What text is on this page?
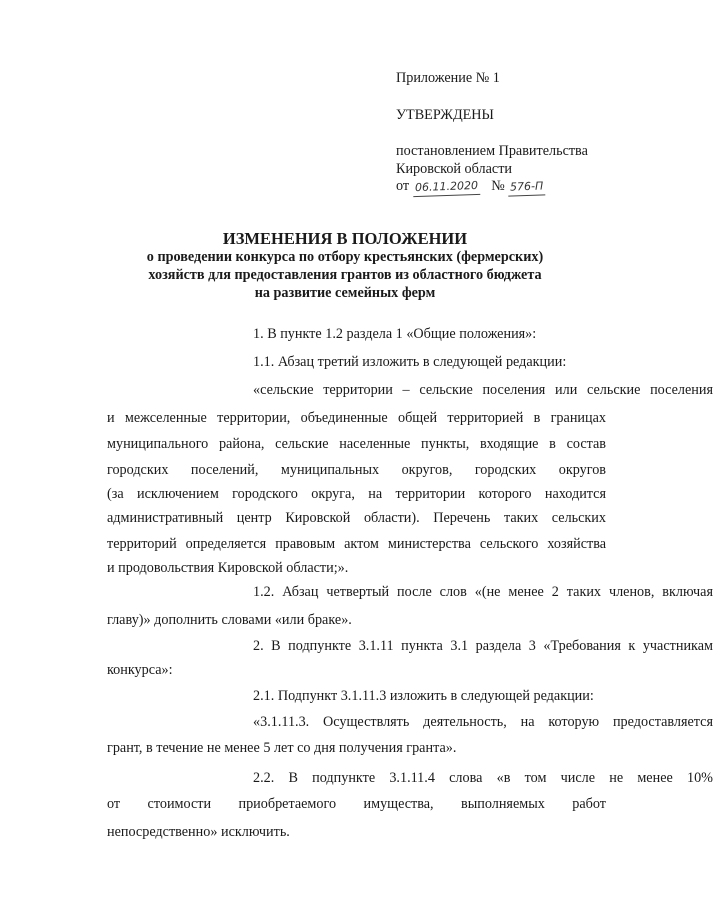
Приложение № 1
УТВЕРЖДЕНЫ
постановлением Правительства
Кировской области
от 06.11.2020 № 576-П
ИЗМЕНЕНИЯ В ПОЛОЖЕНИИ
о проведении конкурса по отбору крестьянских (фермерских)
хозяйств для предоставления грантов из областного бюджета
на развитие семейных ферм
1. В пункте 1.2 раздела 1 «Общие положения»:
1.1. Абзац третий изложить в следующей редакции:
«сельские территории – сельские поселения или сельские поселения
и межселенные территории, объединенные общей территорией в границах
муниципального района, сельские населенные пункты, входящие в состав
городских поселений, муниципальных округов, городских округов
(за исключением городского округа, на территории которого находится
административный центр Кировской области). Перечень таких сельских
территорий определяется правовым актом министерства сельского хозяйства
и продовольствия Кировской области;».
1.2. Абзац четвертый после слов «(не менее 2 таких членов, включая
главу)» дополнить словами «или браке».
2. В подпункте 3.1.11 пункта 3.1 раздела 3 «Требования к участникам
конкурса»:
2.1. Подпункт 3.1.11.3 изложить в следующей редакции:
«3.1.11.3. Осуществлять деятельность, на которую предоставляется
грант, в течение не менее 5 лет со дня получения гранта».
2.2. В подпункте 3.1.11.4 слова «в том числе не менее 10%
от стоимости приобретаемого имущества, выполняемых работ
непосредственно» исключить.
